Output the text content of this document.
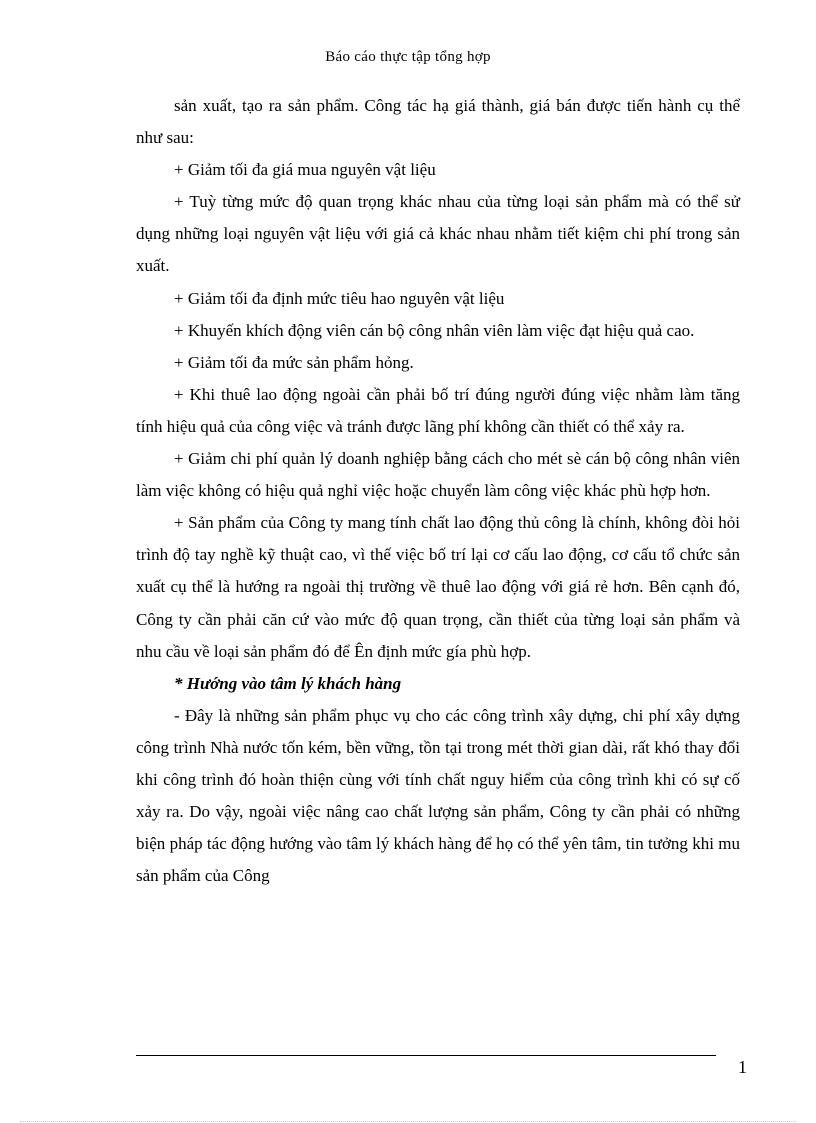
Báo cáo thực tập tổng hợp

sản xuất, tạo ra sản phẩm. Công tác hạ giá thành, giá bán được tiến hành cụ thể như sau:

+ Giảm tối đa giá mua nguyên vật liệu

+ Tuỳ từng mức độ quan trọng khác nhau của từng loại sản phẩm mà có thể sử dụng những loại nguyên vật liệu với giá cả khác nhau nhằm tiết kiệm chi phí trong sản xuất.

+ Giảm tối đa định mức tiêu hao nguyên vật liệu

+ Khuyến khích động viên cán bộ công nhân viên làm việc đạt hiệu quả cao.

+ Giảm tối đa mức sản phẩm hỏng.

+ Khi thuê lao động ngoài cần phải bố trí đúng người đúng việc nhằm làm tăng tính hiệu quả của công việc và tránh được lãng phí không cần thiết có thể xảy ra.

+ Giảm chi phí quản lý doanh nghiệp bằng cách cho mét sè cán bộ công nhân viên làm việc không có hiệu quả nghỉ việc hoặc chuyển làm công việc khác phù hợp hơn.

+ Sản phẩm của Công ty mang tính chất lao động thủ công là chính, không đòi hỏi trình độ tay nghề kỹ thuật cao, vì thế việc bố trí lại cơ cấu lao động, cơ cấu tổ chức sản xuất cụ thể là hướng ra ngoài thị trường về thuê lao động với giá rẻ hơn. Bên cạnh đó, Công ty cần phải căn cứ vào mức độ quan trọng, cần thiết của từng loại sản phẩm và nhu cầu về loại sản phẩm đó để Ên định mức gía phù hợp.

* Hướng vào tâm lý khách hàng

- Đây là những sản phẩm phục vụ cho các công trình xây dựng, chi phí xây dựng công trình Nhà nước tốn kém, bền vững, tồn tại trong mét thời gian dài, rất khó thay đổi khi công trình đó hoàn thiện cùng với tính chất nguy hiểm của công trình khi có sự cố xảy ra. Do vậy, ngoài việc nâng cao chất lượng sản phẩm, Công ty cần phải có những biện pháp tác động hướng vào tâm lý khách hàng để họ có thể yên tâm, tin tưởng khi mu sản phẩm của Công

1
